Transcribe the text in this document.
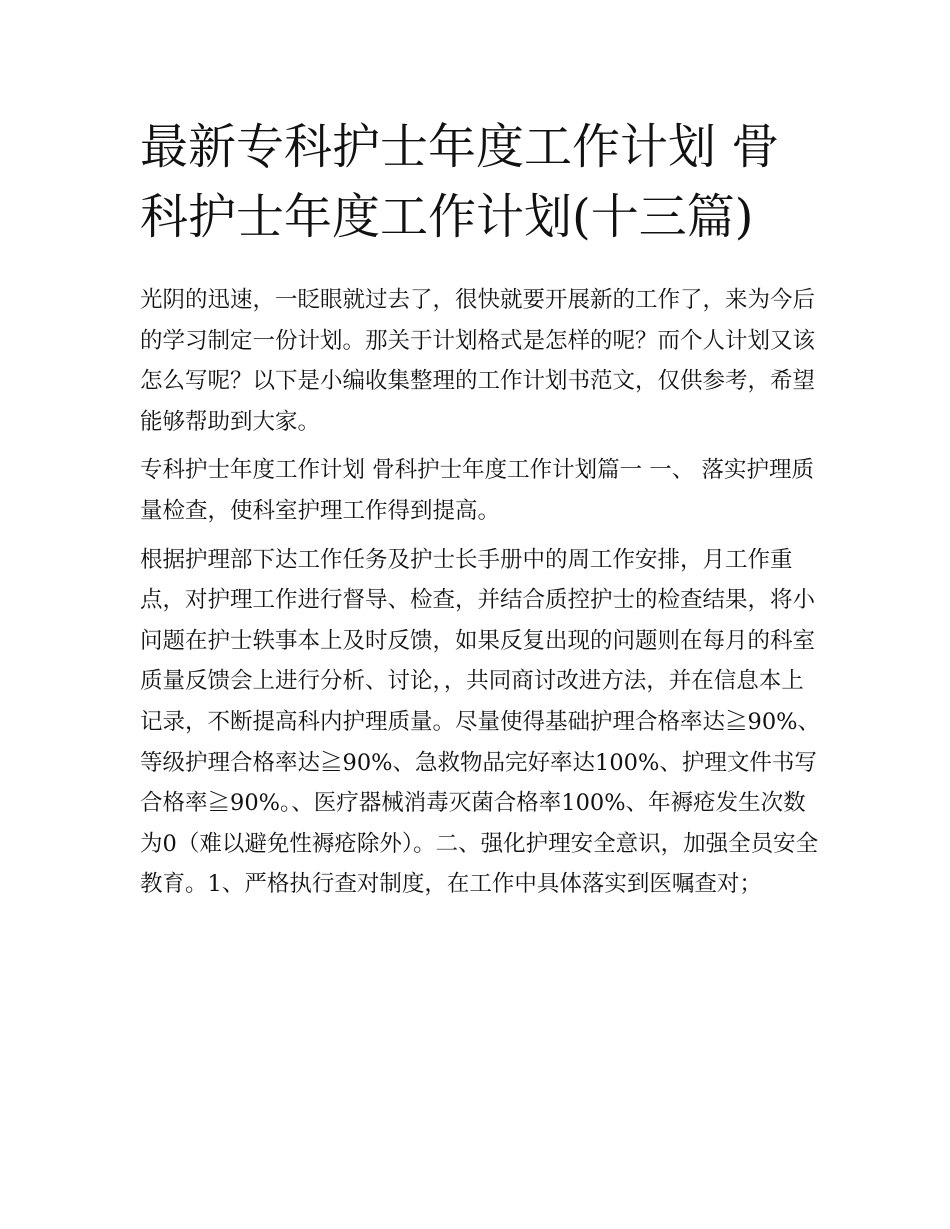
最新专科护士年度工作计划 骨科护士年度工作计划(十三篇)

光阴的迅速，一眨眼就过去了，很快就要开展新的工作了，来为今后的学习制定一份计划。那关于计划格式是怎样的呢？而个人计划又该怎么写呢？以下是小编收集整理的工作计划书范文，仅供参考，希望能够帮助到大家。

专科护士年度工作计划 骨科护士年度工作计划篇一 一、 落实护理质量检查，使科室护理工作得到提高。

根据护理部下达工作任务及护士长手册中的周工作安排，月工作重点，对护理工作进行督导、检查，并结合质控护士的检查结果，将小问题在护士轶事本上及时反馈，如果反复出现的问题则在每月的科室质量反馈会上进行分析、讨论，，共同商讨改进方法，并在信息本上记录，不断提高科内护理质量。尽量使得基础护理合格率达≧90%、等级护理合格率达≧90%、急救物品完好率达100%、护理文件书写合格率≧90%。、医疗器械消毒灭菌合格率100%、年褥疮发生次数为0（难以避免性褥疮除外）。二、强化护理安全意识，加强全员安全教育。1、严格执行查对制度，在工作中具体落实到医嘱查对；
